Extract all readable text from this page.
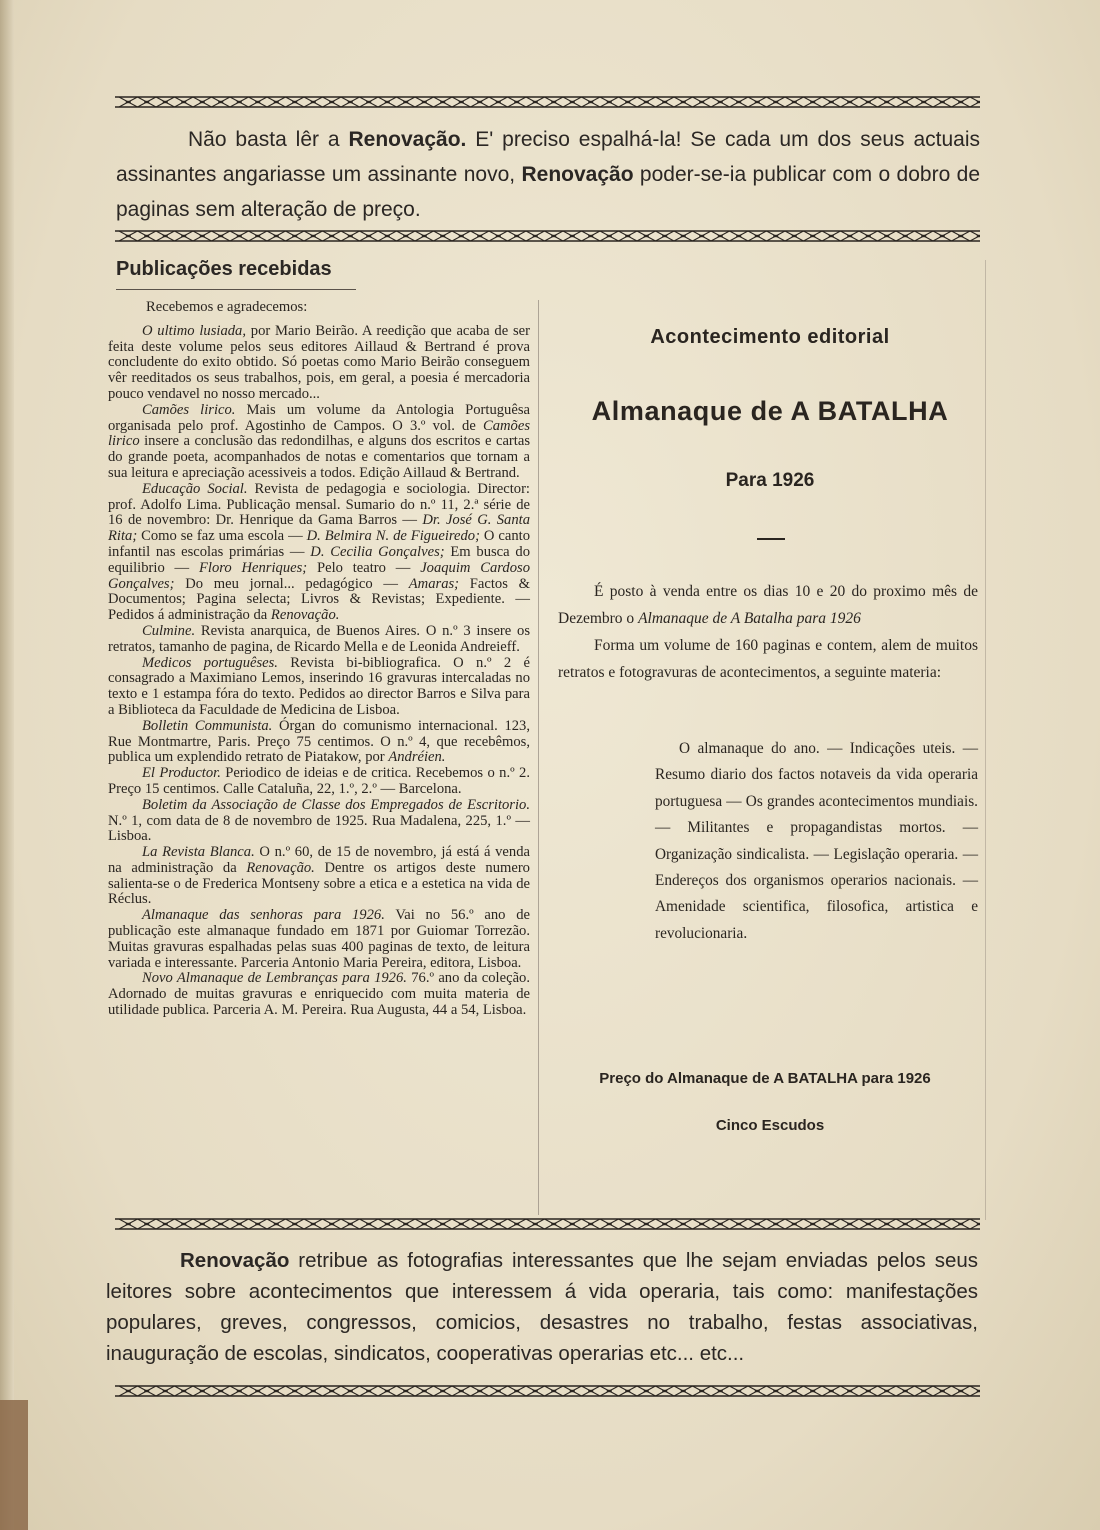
Não basta lêr a Renovação. E' preciso espalhá-la! Se cada um dos seus actuais assinantes angariasse um assinante novo, Renovação poder-se-ia publicar com o dobro de paginas sem alteração de preço.

Publicações recebidas

Recebemos e agradecemos:

O ultimo lusiada, por Mario Beirão. A reedição que acaba de ser feita deste volume pelos seus editores Aillaud & Bertrand é prova concludente do exito obtido. Só poetas como Mario Beirão conseguem vêr reeditados os seus trabalhos, pois, em geral, a poesia é mercadoria pouco vendavel no nosso mercado...

Camões lirico. Mais um volume da Antologia Portuguêsa organisada pelo prof. Agostinho de Campos. O 3.º vol. de Camões lirico insere a conclusão das redondilhas, e alguns dos escritos e cartas do grande poeta, acompanhados de notas e comentarios que tornam a sua leitura e apreciação acessiveis a todos. Edição Aillaud & Bertrand.

Educação Social. Revista de pedagogia e sociologia. Director: prof. Adolfo Lima. Publicação mensal. Sumario do n.º 11, 2.ª série de 16 de novembro: Dr. Henrique da Gama Barros — Dr. José G. Santa Rita; Como se faz uma escola — D. Belmira N. de Figueiredo; O canto infantil nas escolas primárias — D. Cecilia Gonçalves; Em busca do equilibrio — Floro Henriques; Pelo teatro — Joaquim Cardoso Gonçalves; Do meu jornal... pedagógico — Amaras; Factos & Documentos; Pagina selecta; Livros & Revistas; Expediente. — Pedidos á administração da Renovação.

Culmine. Revista anarquica, de Buenos Aires. O n.º 3 insere os retratos, tamanho de pagina, de Ricardo Mella e de Leonida Andreieff.

Medicos portuguêses. Revista bi-bibliografica. O n.º 2 é consagrado a Maximiano Lemos, inserindo 16 gravuras intercaladas no texto e 1 estampa fóra do texto. Pedidos ao director Barros e Silva para a Biblioteca da Faculdade de Medicina de Lisboa.

Bolletin Communista. Órgan do comunismo internacional. 123, Rue Montmartre, Paris. Preço 75 centimos. O n.º 4, que recebêmos, publica um explendido retrato de Piatakow, por Andréien.

El Productor. Periodico de ideias e de critica. Recebemos o n.º 2. Preço 15 centimos. Calle Cataluña, 22, 1.º, 2.º — Barcelona.

Boletim da Associação de Classe dos Empregados de Escritorio. N.º 1, com data de 8 de novembro de 1925. Rua Madalena, 225, 1.º — Lisboa.

La Revista Blanca. O n.º 60, de 15 de novembro, já está á venda na administração da Renovação. Dentre os artigos deste numero salienta-se o de Frederica Montseny sobre a etica e a estetica na vida de Réclus.

Almanaque das senhoras para 1926. Vai no 56.º ano de publicação este almanaque fundado em 1871 por Guiomar Torrezão. Muitas gravuras espalhadas pelas suas 400 paginas de texto, de leitura variada e interessante. Parceria Antonio Maria Pereira, editora, Lisboa.

Novo Almanaque de Lembranças para 1926. 76.º ano da coleção. Adornado de muitas gravuras e enriquecido com muita materia de utilidade publica. Parceria A. M. Pereira. Rua Augusta, 44 a 54, Lisboa.

Acontecimento editorial
Almanaque de A BATALHA
Para 1926

É posto à venda entre os dias 10 e 20 do proximo mês de Dezembro o Almanaque de A Batalha para 1926

Forma um volume de 160 paginas e contem, alem de muitos retratos e fotogravuras de acontecimentos, a seguinte materia:

O almanaque do ano. — Indicações uteis. — Resumo diario dos factos notaveis da vida operaria portuguesa — Os grandes acontecimentos mundiais. — Militantes e propagandistas mortos. — Organização sindicalista. — Legislação operaria. — Endereços dos organismos operarios nacionais. — Amenidade scientifica, filosofica, artistica e revolucionaria.

Preço do Almanaque de A BATALHA para 1926
Cinco Escudos

Renovação retribue as fotografias interessantes que lhe sejam enviadas pelos seus leitores sobre acontecimentos que interessem á vida operaria, tais como: manifestações populares, greves, congressos, comicios, desastres no trabalho, festas associativas, inauguração de escolas, sindicatos, cooperativas operarias etc... etc...
